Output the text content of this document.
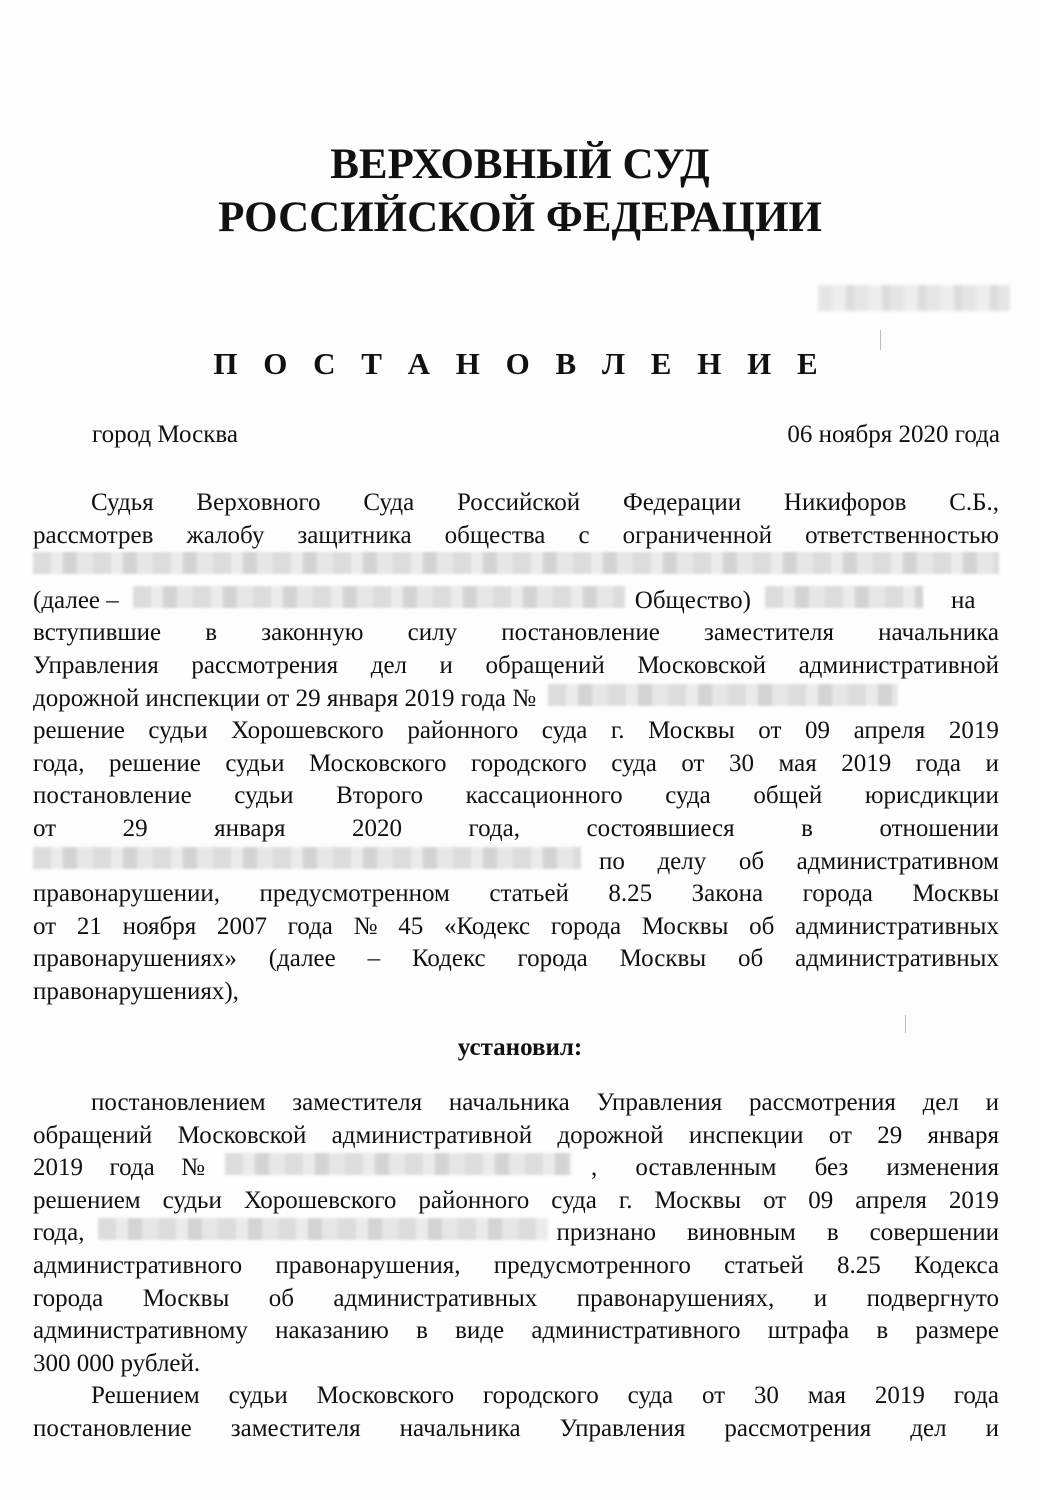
ВЕРХОВНЫЙ СУД
РОССИЙСКОЙ ФЕДЕРАЦИИ
П О С Т А Н О В Л Е Н И Е
город Москва	06 ноября 2020 года
Судья Верховного Суда Российской Федерации Никифоров С.Б.,
рассмотрев жалобу защитника общества с ограниченной ответственностью
(далее –	Общество)	на
вступившие в законную силу постановление заместителя начальника
Управления рассмотрения дел и обращений Московской административной
дорожной инспекции от 29 января 2019 года №
решение судьи Хорошевского районного суда г. Москвы от 09 апреля 2019
года, решение судьи Московского городского суда от 30 мая 2019 года и
постановление судьи Второго кассационного суда общей юрисдикции
от	29	января	2020	года,	состоявшиеся	в	отношении
по делу об административном
правонарушении, предусмотренном статьей 8.25 Закона города Москвы
от 21 ноября 2007 года № 45 «Кодекс города Москвы об административных
правонарушениях» (далее – Кодекс города Москвы об административных
правонарушениях),
установил:
постановлением заместителя начальника Управления рассмотрения дел и
обращений Московской административной дорожной инспекции от 29 января
2019 года №	, оставленным без изменения
решением судьи Хорошевского районного суда г. Москвы от 09 апреля 2019
года,	признано виновным в совершении
административного правонарушения, предусмотренного статьей 8.25 Кодекса
города Москвы об административных правонарушениях, и подвергнуто
административному наказанию в виде административного штрафа в размере
300 000 рублей.
Решением судьи Московского городского суда от 30 мая 2019 года
постановление заместителя начальника Управления рассмотрения дел и
